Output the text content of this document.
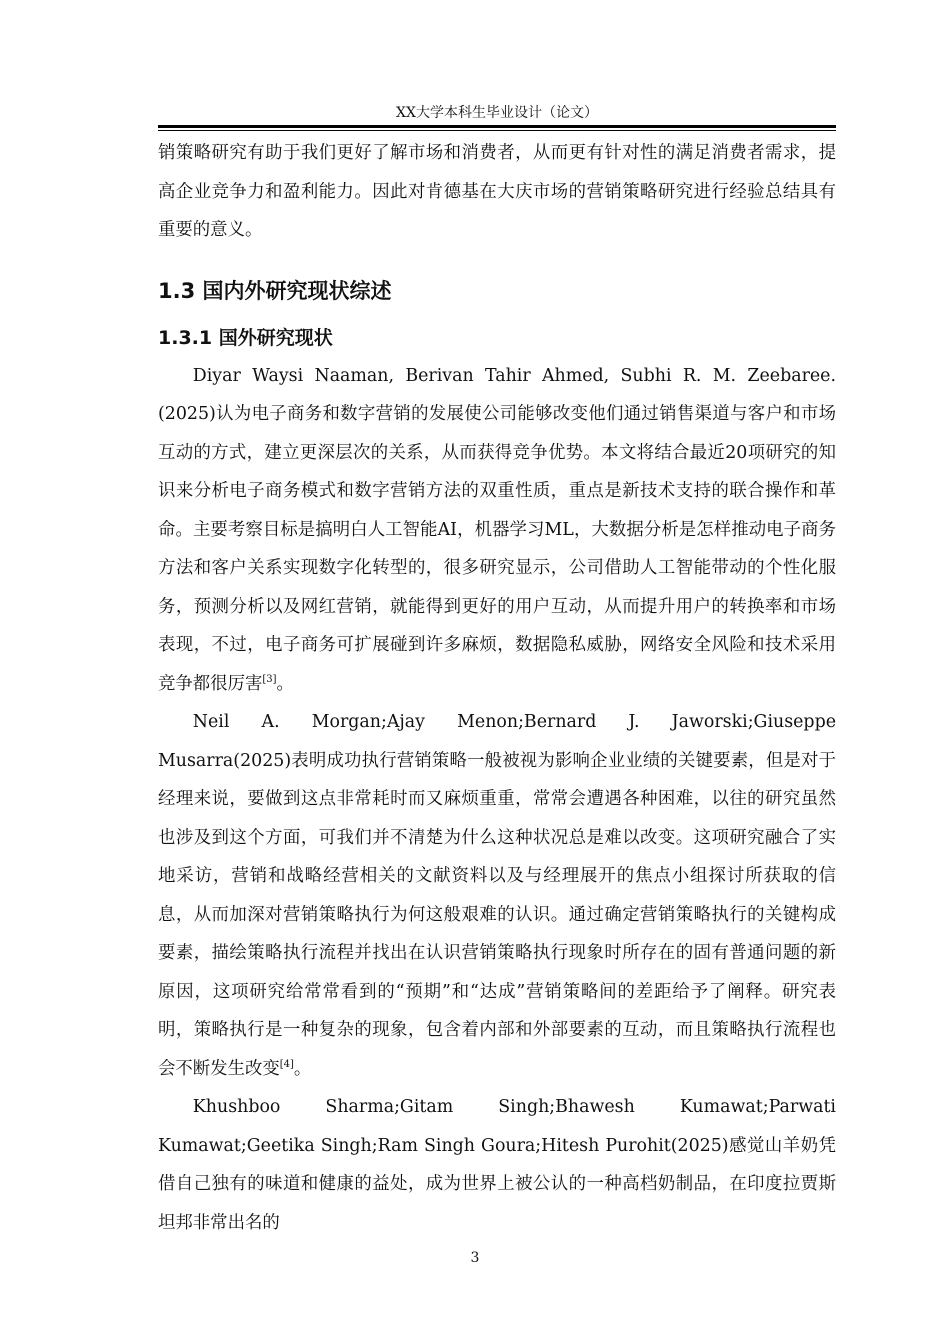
XX大学本科生毕业设计（论文）

销策略研究有助于我们更好了解市场和消费者，从而更有针对性的满足消费者需求，提高企业竞争力和盈利能力。因此对肯德基在大庆市场的营销策略研究进行经验总结具有重要的意义。

1.3 国内外研究现状综述
1.3.1 国外研究现状

Diyar Waysi Naaman, Berivan Tahir Ahmed, Subhi R. M. Zeebaree.(2025)认为电子商务和数字营销的发展使公司能够改变他们通过销售渠道与客户和市场互动的方式，建立更深层次的关系，从而获得竞争优势。本文将结合最近20项研究的知识来分析电子商务模式和数字营销方法的双重性质，重点是新技术支持的联合操作和革命。主要考察目标是搞明白人工智能AI，机器学习ML，大数据分析是怎样推动电子商务方法和客户关系实现数字化转型的，很多研究显示，公司借助人工智能带动的个性化服务，预测分析以及网红营销，就能得到更好的用户互动，从而提升用户的转换率和市场表现，不过，电子商务可扩展碰到许多麻烦，数据隐私威胁，网络安全风险和技术采用竞争都很厉害[3]。

Neil A. Morgan;Ajay Menon;Bernard J. Jaworski;Giuseppe Musarra(2025)表明成功执行营销策略一般被视为影响企业业绩的关键要素，但是对于经理来说，要做到这点非常耗时而又麻烦重重，常常会遭遇各种困难，以往的研究虽然也涉及到这个方面，可我们并不清楚为什么这种状况总是难以改变。这项研究融合了实地采访，营销和战略经营相关的文献资料以及与经理展开的焦点小组探讨所获取的信息，从而加深对营销策略执行为何这般艰难的认识。通过确定营销策略执行的关键构成要素，描绘策略执行流程并找出在认识营销策略执行现象时所存在的固有普通问题的新原因，这项研究给常常看到的“预期”和“达成”营销策略间的差距给予了阐释。研究表明，策略执行是一种复杂的现象，包含着内部和外部要素的互动，而且策略执行流程也会不断发生改变[4]。

Khushboo Sharma;Gitam Singh;Bhawesh Kumawat;Parwati Kumawat;Geetika Singh;Ram Singh Goura;Hitesh Purohit(2025)感觉山羊奶凭借自己独有的味道和健康的益处，成为世界上被公认的一种高档奶制品，在印度拉贾斯坦邦非常出名的

3
